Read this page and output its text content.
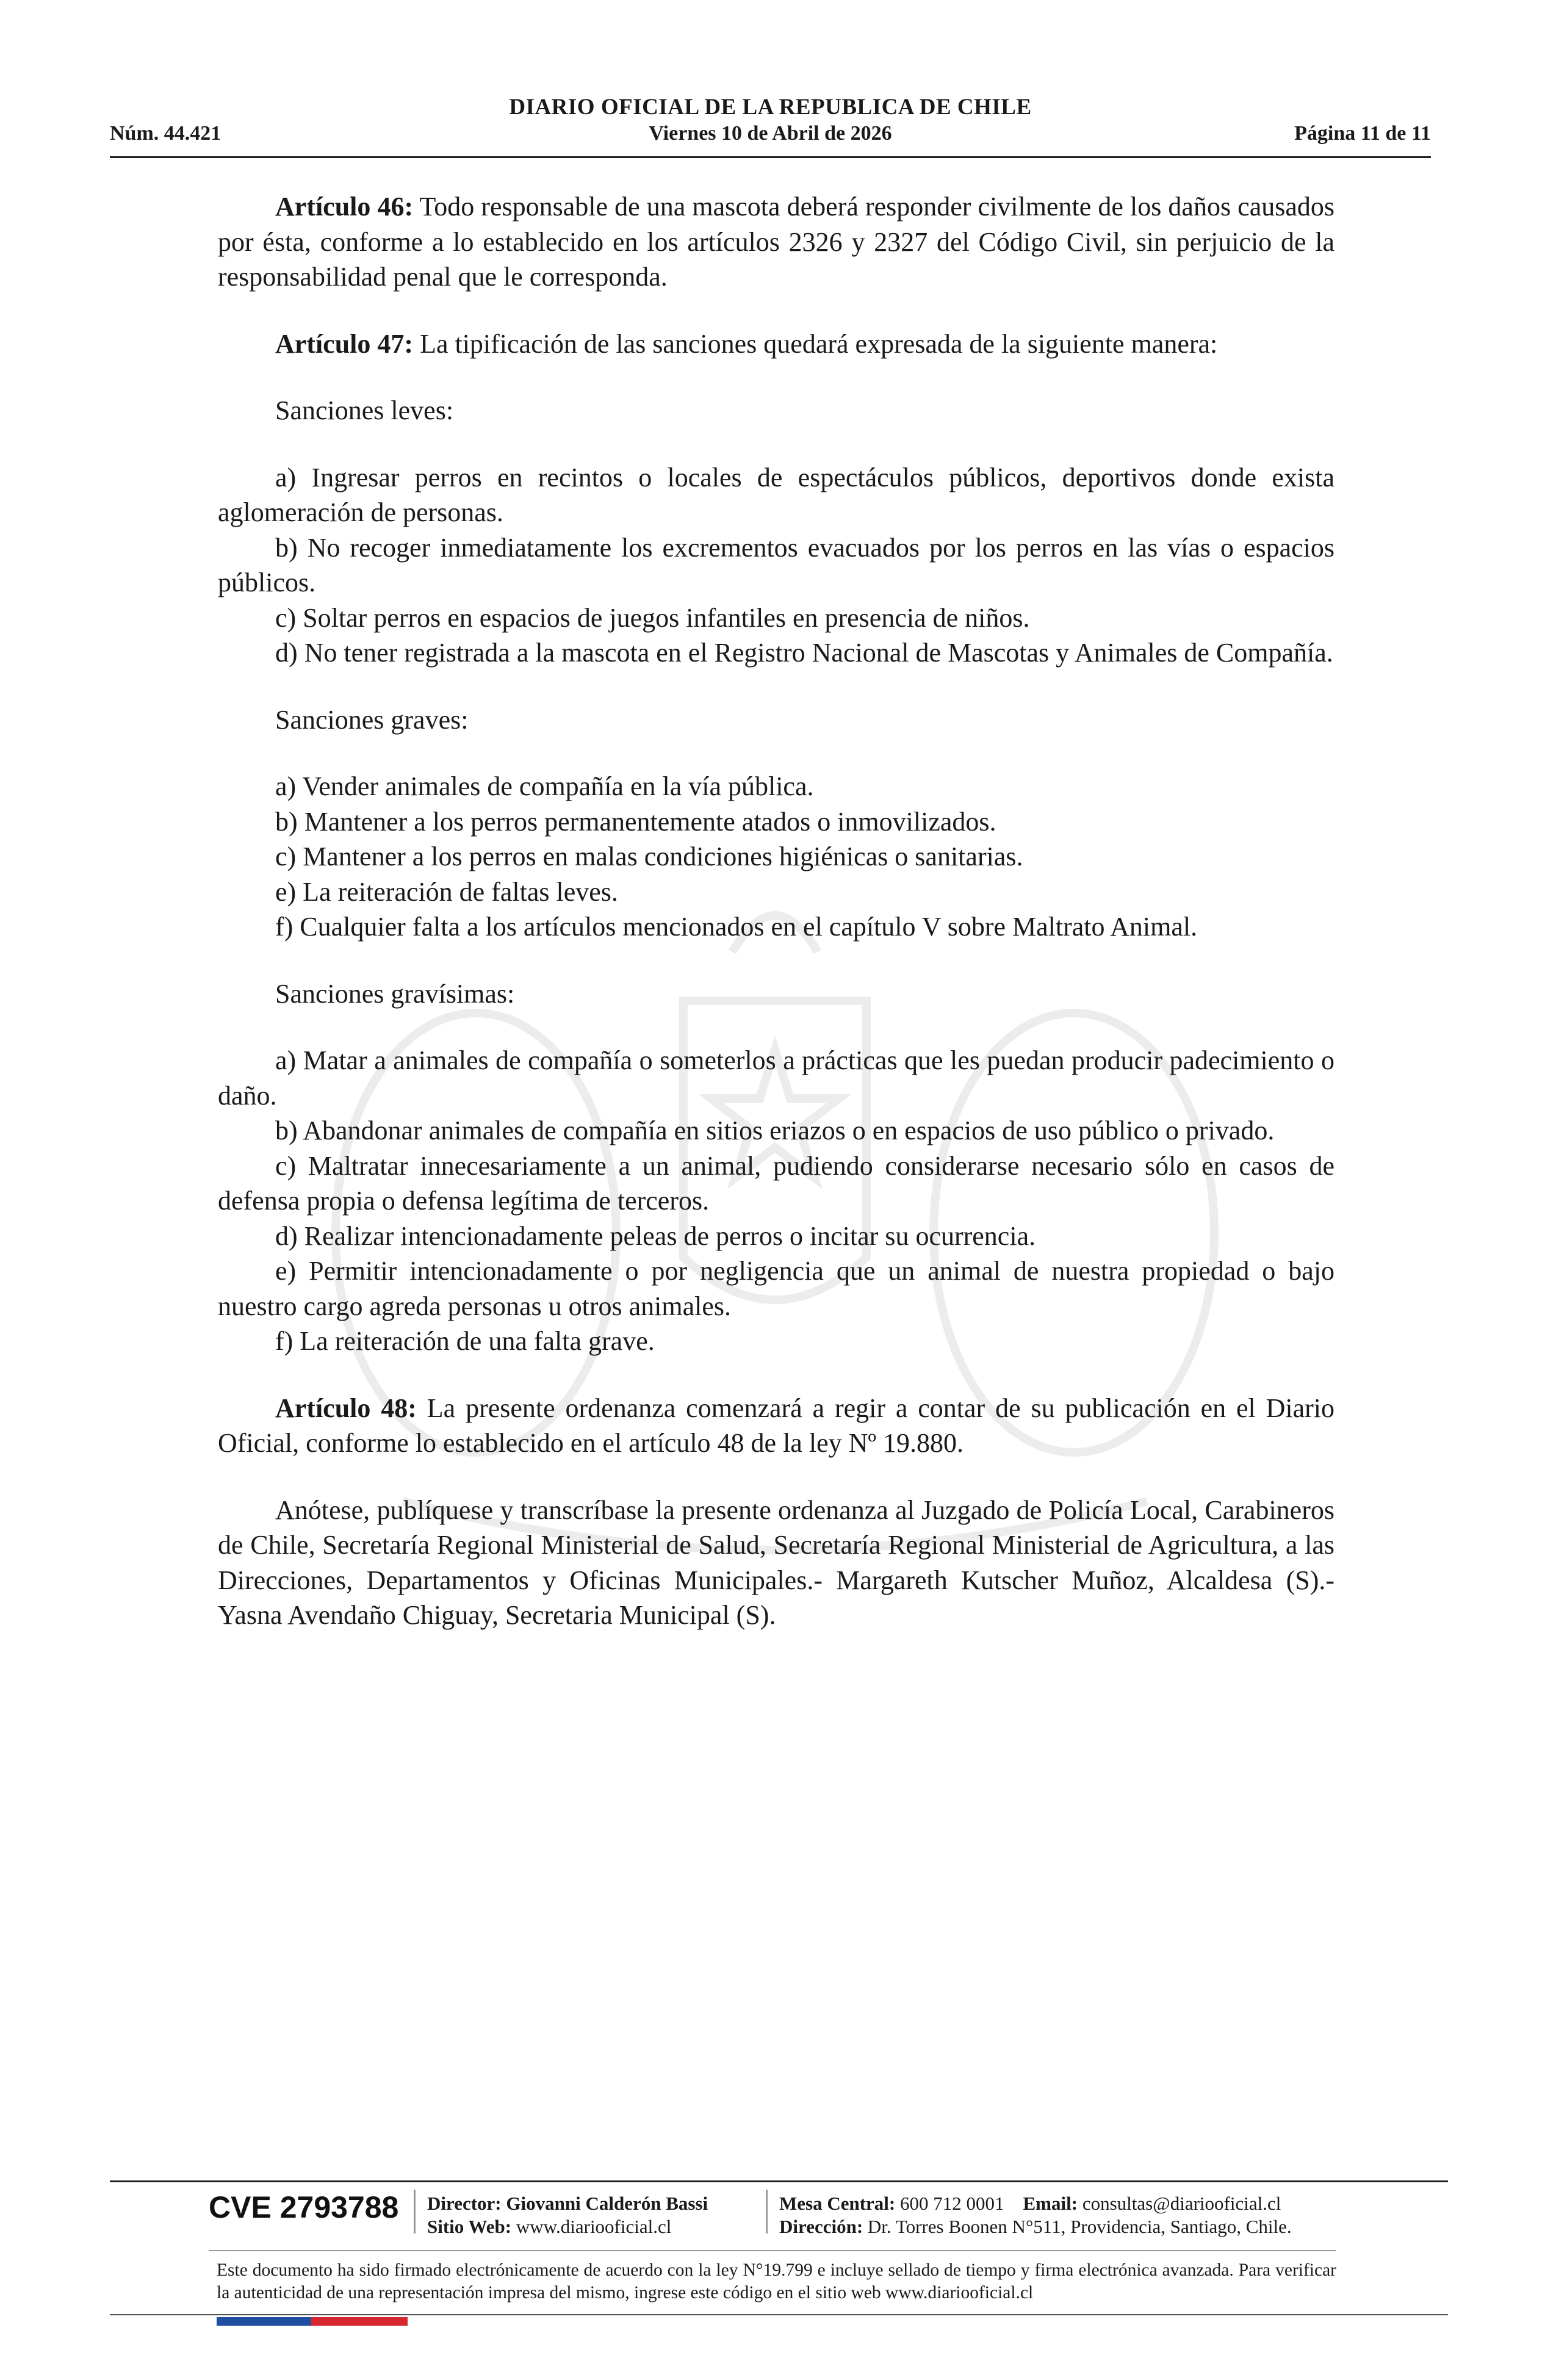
DIARIO OFICIAL DE LA REPUBLICA DE CHILE
Núm. 44.421	Viernes 10 de Abril de 2026	Página 11 de 11

Artículo 46: Todo responsable de una mascota deberá responder civilmente de los daños causados por ésta, conforme a lo establecido en los artículos 2326 y 2327 del Código Civil, sin perjuicio de la responsabilidad penal que le corresponda.

Artículo 47: La tipificación de las sanciones quedará expresada de la siguiente manera:

Sanciones leves:

a) Ingresar perros en recintos o locales de espectáculos públicos, deportivos donde exista aglomeración de personas.

b) No recoger inmediatamente los excrementos evacuados por los perros en las vías o espacios públicos.

c) Soltar perros en espacios de juegos infantiles en presencia de niños.

d) No tener registrada a la mascota en el Registro Nacional de Mascotas y Animales de Compañía.

Sanciones graves:

a) Vender animales de compañía en la vía pública.

b) Mantener a los perros permanentemente atados o inmovilizados.

c) Mantener a los perros en malas condiciones higiénicas o sanitarias.

e) La reiteración de faltas leves.

f) Cualquier falta a los artículos mencionados en el capítulo V sobre Maltrato Animal.

Sanciones gravísimas:

a) Matar a animales de compañía o someterlos a prácticas que les puedan producir padecimiento o daño.

b) Abandonar animales de compañía en sitios eriazos o en espacios de uso público o privado.

c) Maltratar innecesariamente a un animal, pudiendo considerarse necesario sólo en casos de defensa propia o defensa legítima de terceros.

d) Realizar intencionadamente peleas de perros o incitar su ocurrencia.

e) Permitir intencionadamente o por negligencia que un animal de nuestra propiedad o bajo nuestro cargo agreda personas u otros animales.

f) La reiteración de una falta grave.

Artículo 48: La presente ordenanza comenzará a regir a contar de su publicación en el Diario Oficial, conforme lo establecido en el artículo 48 de la ley Nº 19.880.

Anótese, publíquese y transcríbase la presente ordenanza al Juzgado de Policía Local, Carabineros de Chile, Secretaría Regional Ministerial de Salud, Secretaría Regional Ministerial de Agricultura, a las Direcciones, Departamentos y Oficinas Municipales.- Margareth Kutscher Muñoz, Alcaldesa (S).- Yasna Avendaño Chiguay, Secretaria Municipal (S).

CVE 2793788 Director: Giovanni Calderón Bassi
Sitio Web: www.diariooficial.cl
Mesa Central: 600 712 0001 Email: consultas@diariooficial.cl
Dirección: Dr. Torres Boonen N°511, Providencia, Santiago, Chile.
Este documento ha sido firmado electrónicamente de acuerdo con la ley N°19.799 e incluye sellado de tiempo y firma electrónica avanzada. Para verificar la autenticidad de una representación impresa del mismo, ingrese este código en el sitio web www.diariooficial.cl
